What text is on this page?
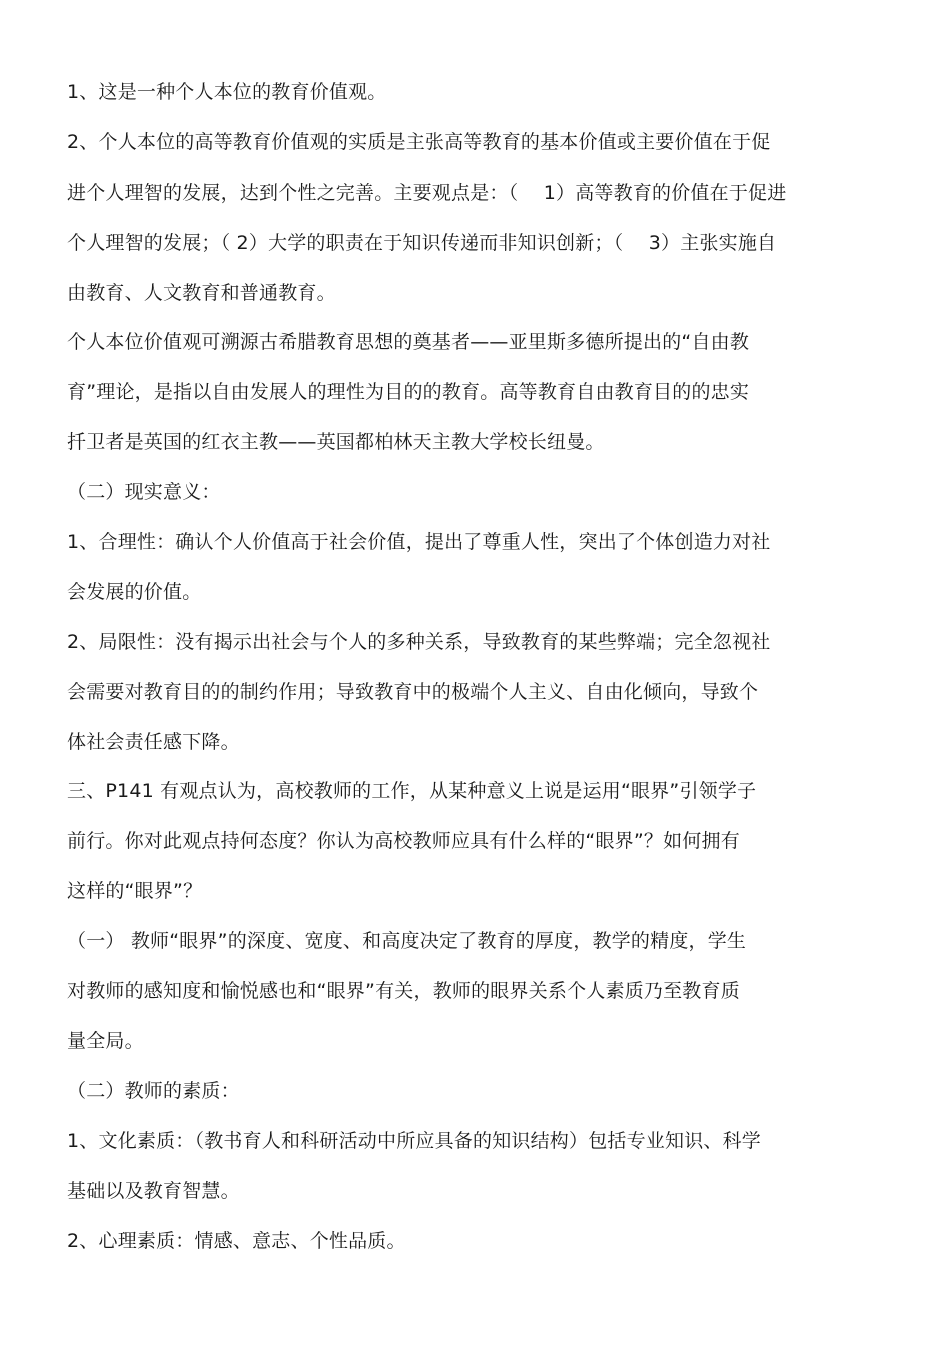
1、这是一种个人本位的教育价值观。
2、个人本位的高等教育价值观的实质是主张高等教育的基本价值或主要价值在于促
进个人理智的发展，达到个性之完善。主要观点是：（　 1）高等教育的价值在于促进
个人理智的发展；（ 2）大学的职责在于知识传递而非知识创新；（　 3）主张实施自
由教育、人文教育和普通教育。
个人本位价值观可溯源古希腊教育思想的奠基者——亚里斯多德所提出的“自由教
育”理论，是指以自由发展人的理性为目的的教育。高等教育自由教育目的的忠实
扦卫者是英国的红衣主教——英国都柏林天主教大学校长纽曼。
（二）现实意义：
1、合理性：确认个人价值高于社会价值，提出了尊重人性，突出了个体创造力对社
会发展的价值。
2、局限性：没有揭示出社会与个人的多种关系，导致教育的某些弊端；完全忽视社
会需要对教育目的的制约作用；导致教育中的极端个人主义、自由化倾向，导致个
体社会责任感下降。
三、P141 有观点认为，高校教师的工作，从某种意义上说是运用“眼界”引领学子
前行。你对此观点持何态度？你认为高校教师应具有什么样的“眼界”？如何拥有
这样的“眼界”？
（一） 教师“眼界”的深度、宽度、和高度决定了教育的厚度，教学的精度，学生
对教师的感知度和愉悦感也和“眼界”有关，教师的眼界关系个人素质乃至教育质
量全局。
（二）教师的素质：
1、文化素质：（教书育人和科研活动中所应具备的知识结构）包括专业知识、科学
基础以及教育智慧。
2、心理素质：情感、意志、个性品质。
